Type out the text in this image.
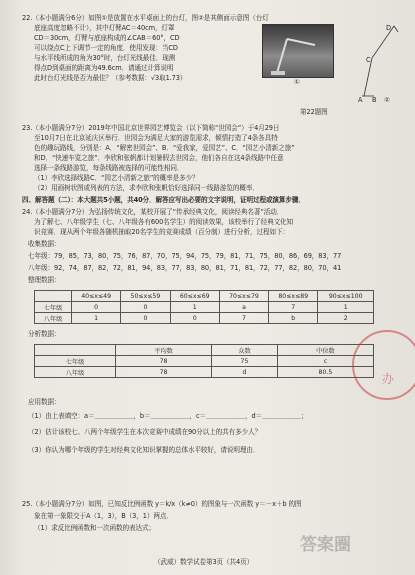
22.（本小题满分6分）如图①是放置在水平桌面上的台灯，图②是其侧面示意图（台灯
底座高度忽略不计），其中灯臂AC＝40cm，灯罩
CD＝30cm，灯臂与底座构成的∠CAB＝60°，CD
可以绕点C上下调节一定的角度．使用发现：当CD
与水平线所成的角为30°时，台灯光线最佳．现测
得点D到桌面的距离为49.6cm．请通过计算说明
此时台灯光线是否为最佳？（参考数据：√3取1.73）	①
C
D
A B ②
第22题图
23.（本小题满分7分）2019年中国北京世界园艺博览会（以下简称“世园会”）于4月29日
至10月7日在北京延庆区举行．世园会为满足大家的游览需求，倾情打造了4条各具特
色的趣玩路线，分别是：A．“解密世园会”、B．“爱我家，爱园艺”、C．“园艺小清新之旅”
和D．“快速车览之旅”．李欣和张帆都计划暑假去世园会，他们各自在这4条线路中任意
选择一条线路游览，每条线路被选择的可能性相同．
（1）李欣选择线路C．“园艺小清新之旅”的概率是多少？
（2）用画树状图或列表的方法，求李欣和张帆恰好选择同一线路游览的概率．
四、解答题（二）：本大题共5小题，共40分．解答应写出必要的文字说明，证明过程或演算步骤．
24.（本小题满分7分）为弘扬传统文化，某校开展了“传承经典文化，阅读经典名著”活动．
为了解七、八年级学生（七、八年级各有600名学生）的阅读效果，该校举行了经典文化知
识竞赛．现从两个年级各随机抽取20名学生的竞赛成绩（百分制）进行分析，过程如下：
收集数据：
七年级：79，85，73，80，75，76，87，70，75，94，75，79，81，71，75，80，86，69，83，77
八年级：92，74，87，82，72，81，94，83，77，83，80，81，71，81，72，77，82，80，70，41
整理数据：
	40≤x≤49	50≤x≤59	60≤x≤69	70≤x≤79	80≤x≤89	90≤x≤100
七年级	0	0	1	a	7	1
八年级	1	0	0	7	b	2
分析数据：
	平均数	众数	中位数
七年级	78	75	c
八年级	78	d	80.5
应用数据：
（1）由上表填空：a＝＿＿＿＿＿＿，b＝＿＿＿＿＿＿，c＝＿＿＿＿＿＿，d＝＿＿＿＿＿＿；
（2）估计该校七、八两个年级学生在本次竞赛中成绩在90分以上的共有多少人？
（3）你认为哪个年级的学生对经典文化知识掌握的总体水平较好，请说明理由．
25.（本小题满分7分）如图，已知反比例函数 y＝k/x（k≠0）的图象与一次函数 y＝－x＋b 的图
象在第一象限交于A（1，3），B（3，1）两点．
（1）求反比例函数和一次函数的表达式；
（武威）数学试卷第3页（共4页）
办
答案圈
